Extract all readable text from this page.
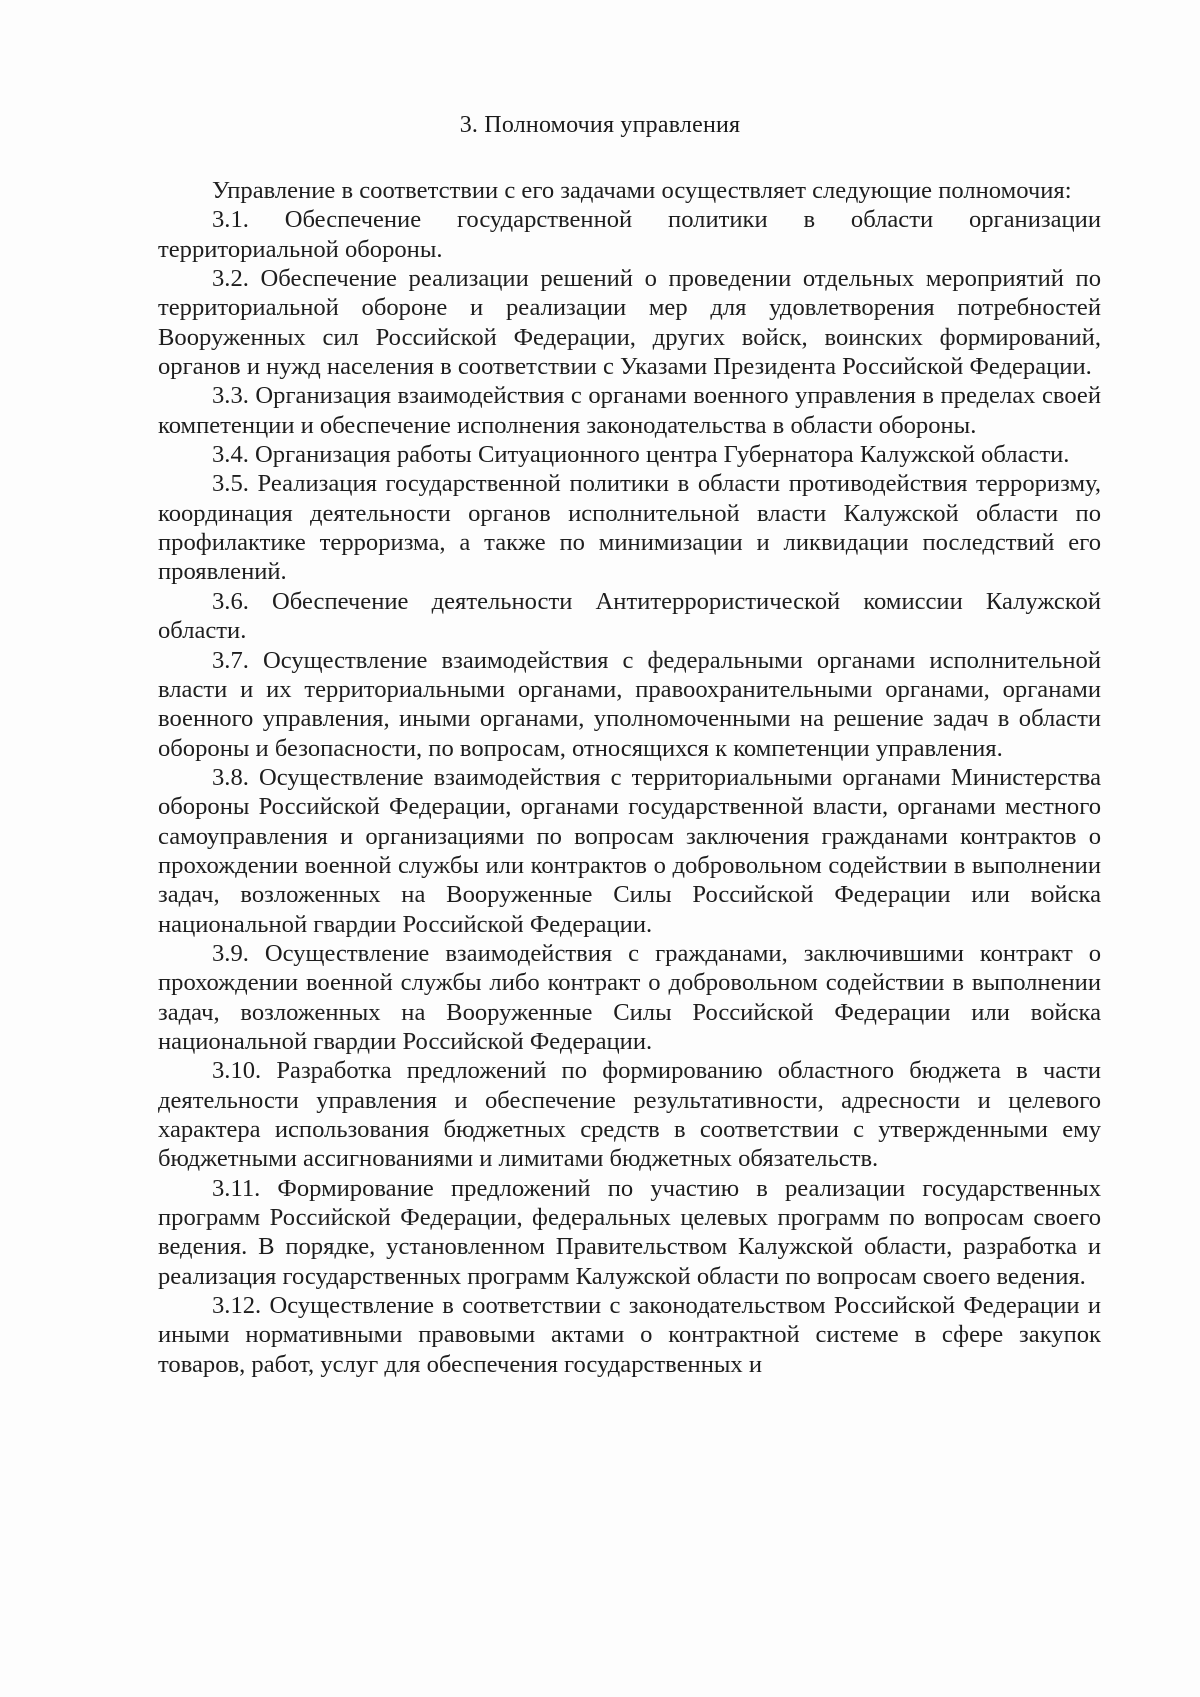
3. Полномочия управления

Управление в соответствии с его задачами осуществляет следующие полномочия:

3.1. Обеспечение государственной политики в области организации территориальной обороны.

3.2. Обеспечение реализации решений о проведении отдельных мероприятий по территориальной обороне и реализации мер для удовлетворения потребностей Вооруженных сил Российской Федерации, других войск, воинских формирований, органов и нужд населения в соответствии с Указами Президента Российской Федерации.

3.3. Организация взаимодействия с органами военного управления в пределах своей компетенции и обеспечение исполнения законодательства в области обороны.

3.4. Организация работы Ситуационного центра Губернатора Калужской области.

3.5. Реализация государственной политики в области противодействия терроризму, координация деятельности органов исполнительной власти Калужской области по профилактике терроризма, а также по минимизации и ликвидации последствий его проявлений.

3.6. Обеспечение деятельности Антитеррористической комиссии Калужской области.

3.7. Осуществление взаимодействия с федеральными органами исполнительной власти и их территориальными органами, правоохранительными органами, органами военного управления, иными органами, уполномоченными на решение задач в области обороны и безопасности, по вопросам, относящихся к компетенции управления.

3.8. Осуществление взаимодействия с территориальными органами Министерства обороны Российской Федерации, органами государственной власти, органами местного самоуправления и организациями по вопросам заключения гражданами контрактов о прохождении военной службы или контрактов о добровольном содействии в выполнении задач, возложенных на Вооруженные Силы Российской Федерации или войска национальной гвардии Российской Федерации.

3.9. Осуществление взаимодействия с гражданами, заключившими контракт о прохождении военной службы либо контракт о добровольном содействии в выполнении задач, возложенных на Вооруженные Силы Российской Федерации или войска национальной гвардии Российской Федерации.

3.10. Разработка предложений по формированию областного бюджета в части деятельности управления и обеспечение результативности, адресности и целевого характера использования бюджетных средств в соответствии с утвержденными ему бюджетными ассигнованиями и лимитами бюджетных обязательств.

3.11. Формирование предложений по участию в реализации государственных программ Российской Федерации, федеральных целевых программ по вопросам своего ведения. В порядке, установленном Правительством Калужской области, разработка и реализация государственных программ Калужской области по вопросам своего ведения.

3.12. Осуществление в соответствии с законодательством Российской Федерации и иными нормативными правовыми актами о контрактной системе в сфере закупок товаров, работ, услуг для обеспечения государственных и
